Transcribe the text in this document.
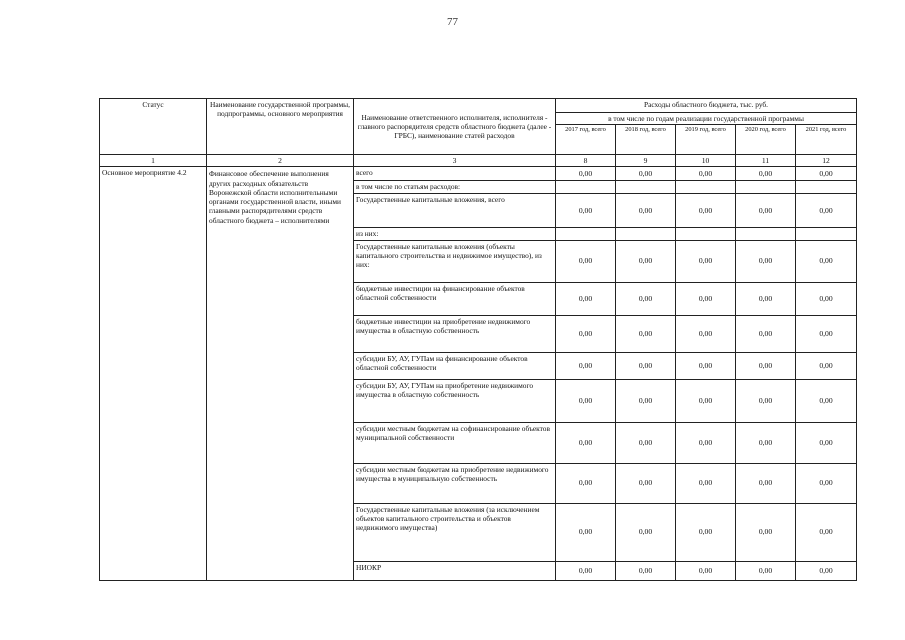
77
Статус	Наименование государственной программы, подпрограммы, основного мероприятия	Наименование ответственного исполнителя, исполнителя - главного распорядителя средств областного бюджета (далее - ГРБС), наименование статей расходов	Расходы областного бюджета, тыс. руб.				
			в том числе по годам реализации государственной программы				
			2017 год, всего	2018 год, всего	2019 год, всего	2020 год, всего	2021 год, всего
1	2	3	8	9	10	11	12
Основное мероприятие 4.2	Финансовое обеспечение выполнения других расходных обязательств Воронежской области исполнительными органами государственной власти, иными главными распорядителями средств областного бюджета – исполнителями	всего	0,00	0,00	0,00	0,00	0,00
		в том числе по статьям расходов:					
		Государственные капитальные вложения, всего	0,00	0,00	0,00	0,00	0,00
		из них:					
		Государственные капитальные вложения (объекты капитального строительства и недвижимое имущество), из них:	0,00	0,00	0,00	0,00	0,00
		бюджетные инвестиции на финансирование объектов областной собственности	0,00	0,00	0,00	0,00	0,00
		бюджетные инвестиции на приобретение недвижимого имущества в областную собственность	0,00	0,00	0,00	0,00	0,00
		субсидии БУ, АУ, ГУПам на финансирование объектов областной собственности	0,00	0,00	0,00	0,00	0,00
		субсидии БУ, АУ, ГУПам на приобретение недвижимого имущества в областную собственность	0,00	0,00	0,00	0,00	0,00
		субсидии местным бюджетам на софинансирование объектов муниципальной собственности	0,00	0,00	0,00	0,00	0,00
		субсидии местным бюджетам на приобретение недвижимого имущества в муниципальную собственность	0,00	0,00	0,00	0,00	0,00
		Государственные капитальные вложения (за исключением объектов капитального строительства и объектов недвижимого имущества)	0,00	0,00	0,00	0,00	0,00
		НИОКР	0,00	0,00	0,00	0,00	0,00
